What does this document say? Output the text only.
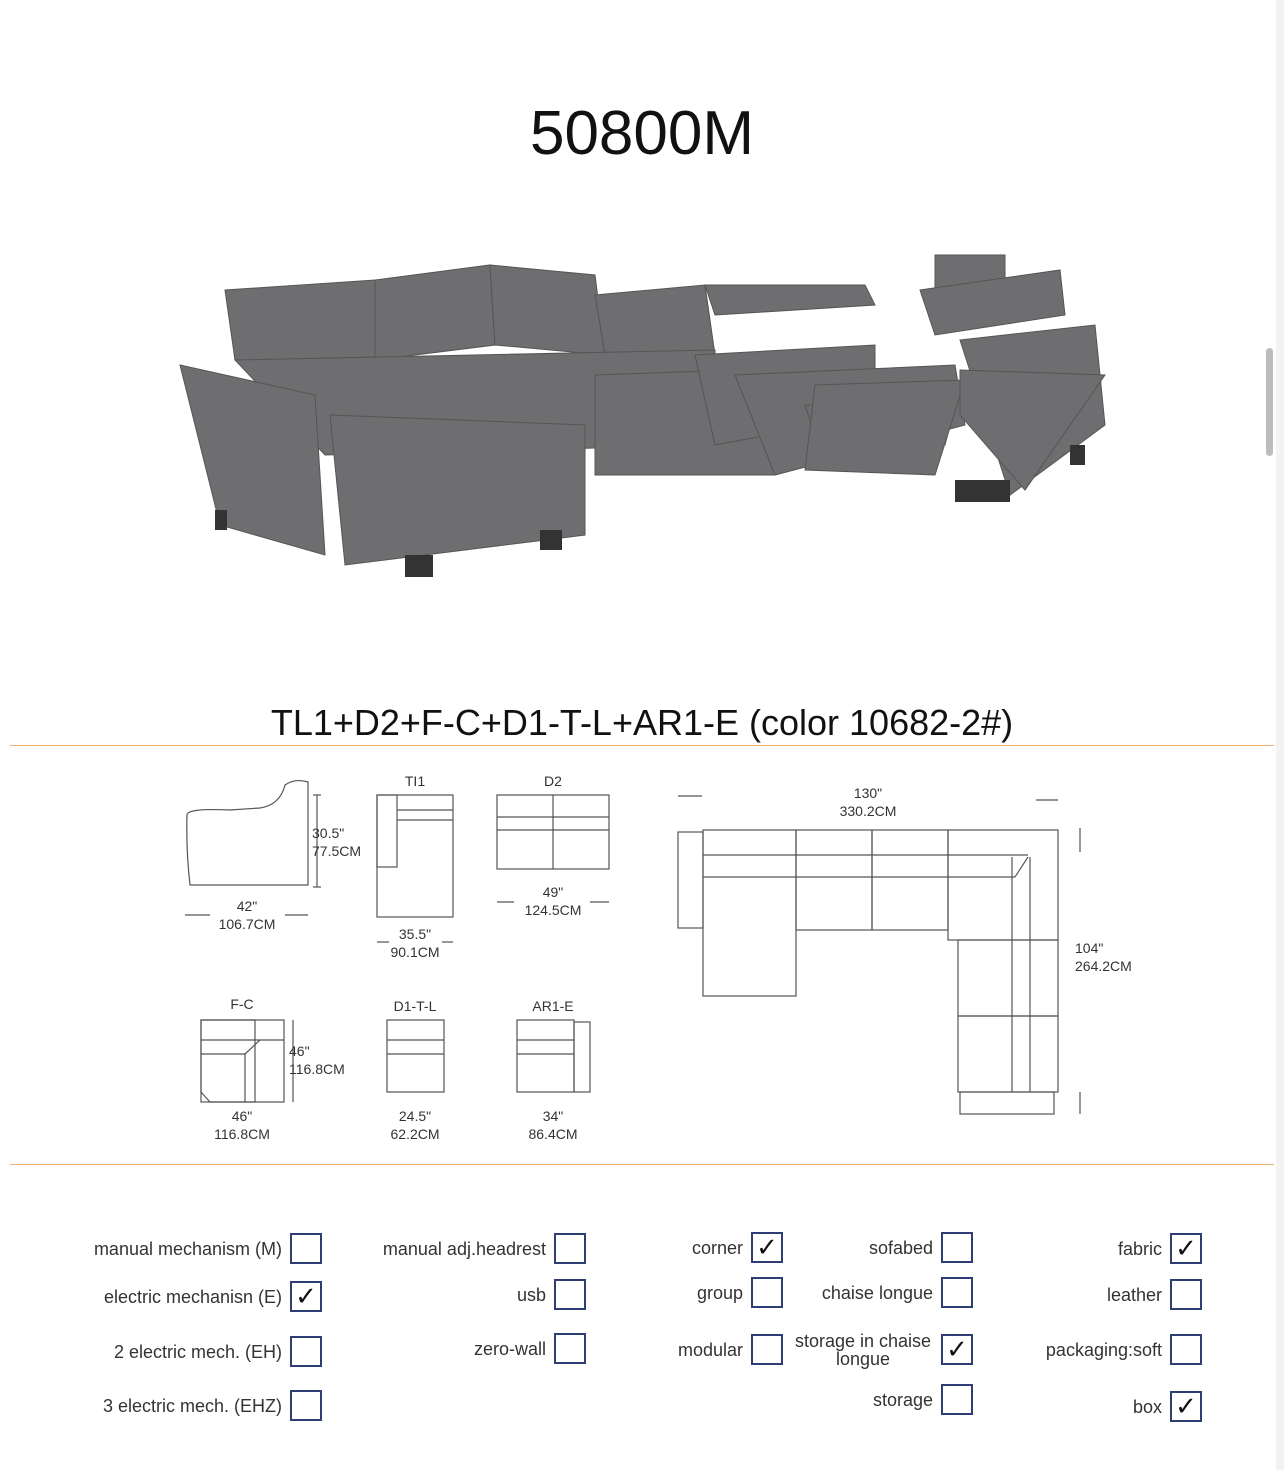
50800M
TL1+D2+F-C+D1-T-L+AR1-E (color 10682-2#)
30.5"
77.5CM
42"
106.7CM
TI1
35.5"
90.1CM
D2
49"
124.5CM
F-C
46"
116.8CM
46"
116.8CM
D1-T-L
24.5"
62.2CM
AR1-E
34"
86.4CM
130"
330.2CM
104"
264.2CM
manual mechanism (M)
electric mechanisn (E) ✓
2 electric mech. (EH)
3 electric mech. (EHZ)
manual adj.headrest
usb
zero-wall
corner ✓
group
modular
sofabed
chaise longue
storage in chaise longue	✓
storage
fabric ✓
leather
packaging:soft
box ✓
